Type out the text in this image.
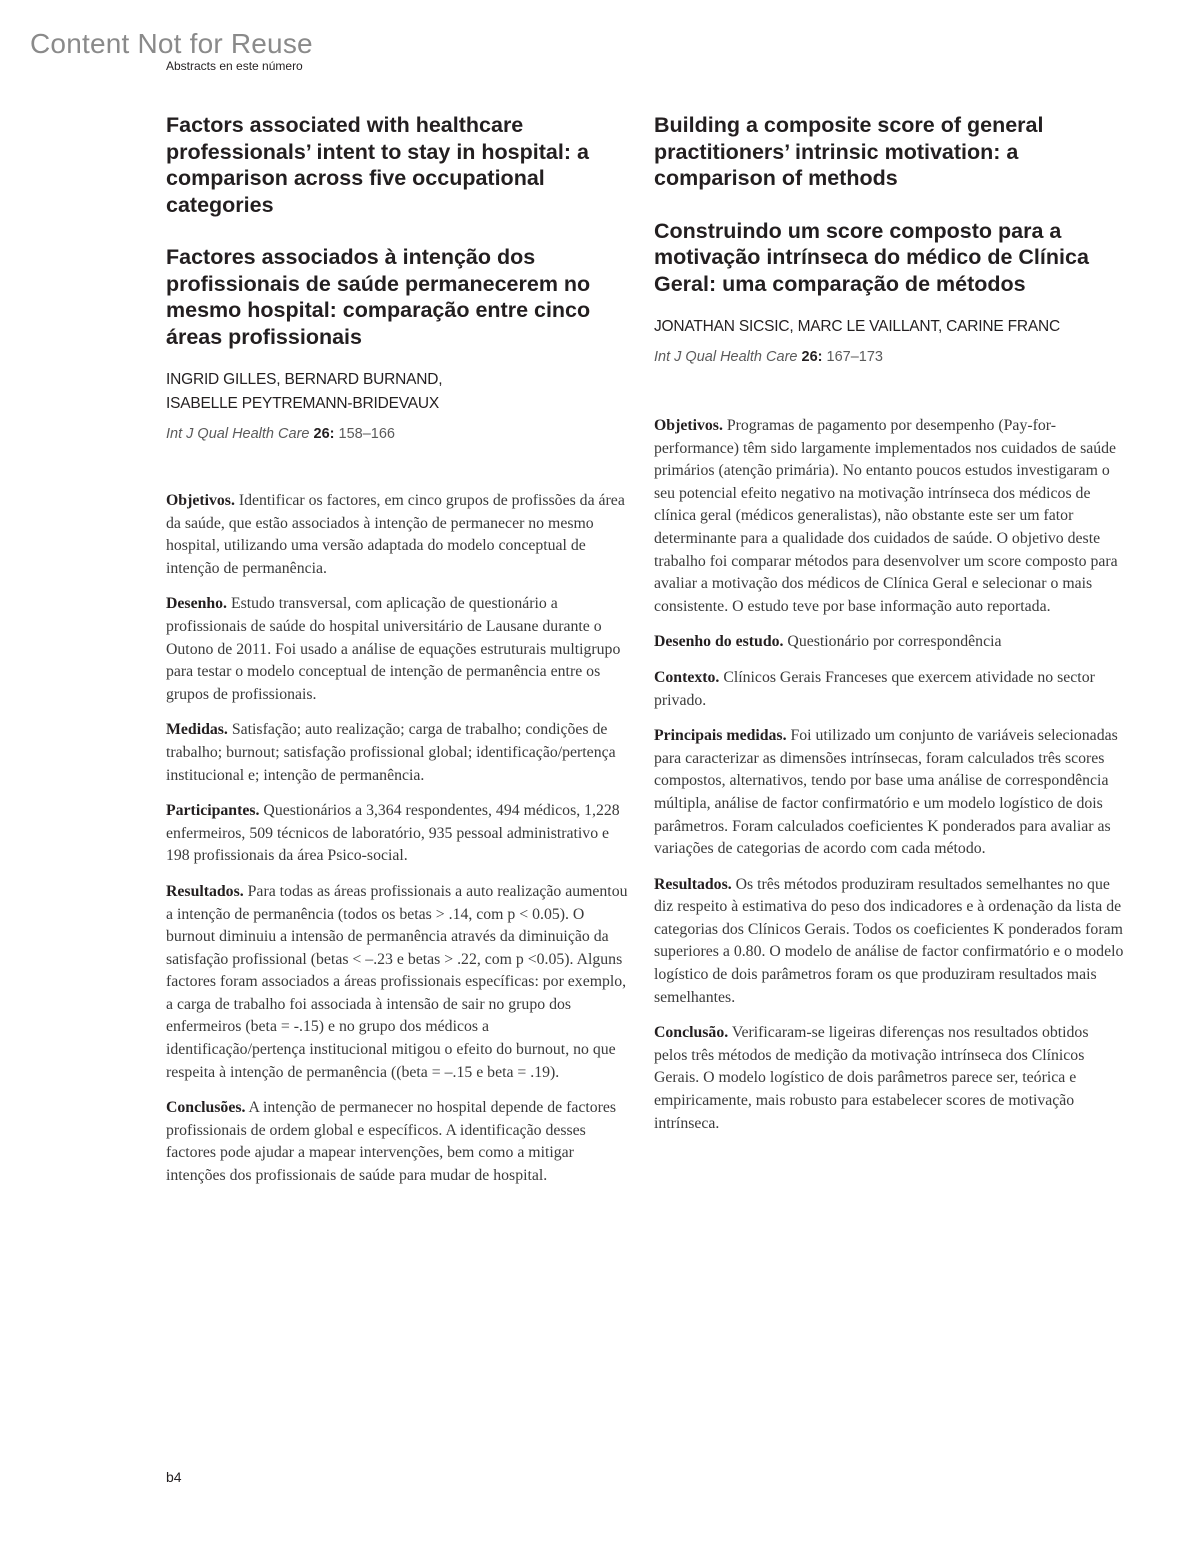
Content Not for Reuse
Abstracts en este número
Factors associated with healthcare professionals’ intent to stay in hospital: a comparison across five occupational categories
Factores associados à intenção dos profissionais de saúde permanecerem no mesmo hospital: comparação entre cinco áreas profissionais
INGRID GILLES, BERNARD BURNAND,
ISABELLE PEYTREMANN-BRIDEVAUX
Int J Qual Health Care 26: 158–166

Objetivos. Identificar os factores, em cinco grupos de profissões da área da saúde, que estão associados à intenção de permanecer no mesmo hospital, utilizando uma versão adaptada do modelo conceptual de intenção de permanência.

Desenho. Estudo transversal, com aplicação de questionário a profissionais de saúde do hospital universitário de Lausane durante o Outono de 2011. Foi usado a análise de equações estruturais multigrupo para testar o modelo conceptual de intenção de permanência entre os grupos de profissionais.

Medidas. Satisfação; auto realização; carga de trabalho; condições de trabalho; burnout; satisfação profissional global; identificação/pertença institucional e; intenção de permanência.

Participantes. Questionários a 3,364 respondentes, 494 médicos, 1,228 enfermeiros, 509 técnicos de laboratório, 935 pessoal administrativo e 198 profissionais da área Psico-social.

Resultados. Para todas as áreas profissionais a auto realização aumentou a intenção de permanência (todos os betas > .14, com p < 0.05). O burnout diminuiu a intensão de permanência através da diminuição da satisfação profissional (betas < –.23 e betas > .22, com p <0.05). Alguns factores foram associados a áreas profissionais específicas: por exemplo, a carga de trabalho foi associada à intensão de sair no grupo dos enfermeiros (beta = -.15) e no grupo dos médicos a identificação/pertença institucional mitigou o efeito do burnout, no que respeita à intenção de permanência ((beta = –.15 e beta = .19).

Conclusões. A intenção de permanecer no hospital depende de factores profissionais de ordem global e específicos. A identificação desses factores pode ajudar a mapear intervenções, bem como a mitigar intenções dos profissionais de saúde para mudar de hospital.

Building a composite score of general practitioners’ intrinsic motivation: a comparison of methods
Construindo um score composto para a motivação intrínseca do médico de Clínica Geral: uma comparação de métodos
JONATHAN SICSIC, MARC LE VAILLANT, CARINE FRANC
Int J Qual Health Care 26: 167–173

Objetivos. Programas de pagamento por desempenho (Pay-for-performance) têm sido largamente implementados nos cuidados de saúde primários (atenção primária). No entanto poucos estudos investigaram o seu potencial efeito negativo na motivação intrínseca dos médicos de clínica geral (médicos generalistas), não obstante este ser um fator determinante para a qualidade dos cuidados de saúde. O objetivo deste trabalho foi comparar métodos para desenvolver um score composto para avaliar a motivação dos médicos de Clínica Geral e selecionar o mais consistente. O estudo teve por base informação auto reportada.

Desenho do estudo. Questionário por correspondência

Contexto. Clínicos Gerais Franceses que exercem atividade no sector privado.

Principais medidas. Foi utilizado um conjunto de variáveis selecionadas para caracterizar as dimensões intrínsecas, foram calculados três scores compostos, alternativos, tendo por base uma análise de correspondência múltipla, análise de factor confirmatório e um modelo logístico de dois parâmetros. Foram calculados coeficientes K ponderados para avaliar as variações de categorias de acordo com cada método.

Resultados. Os três métodos produziram resultados semelhantes no que diz respeito à estimativa do peso dos indicadores e à ordenação da lista de categorias dos Clínicos Gerais. Todos os coeficientes K ponderados foram superiores a 0.80. O modelo de análise de factor confirmatório e o modelo logístico de dois parâmetros foram os que produziram resultados mais semelhantes.

Conclusão. Verificaram-se ligeiras diferenças nos resultados obtidos pelos três métodos de medição da motivação intrínseca dos Clínicos Gerais. O modelo logístico de dois parâmetros parece ser, teórica e empiricamente, mais robusto para estabelecer scores de motivação intrínseca.

b4
